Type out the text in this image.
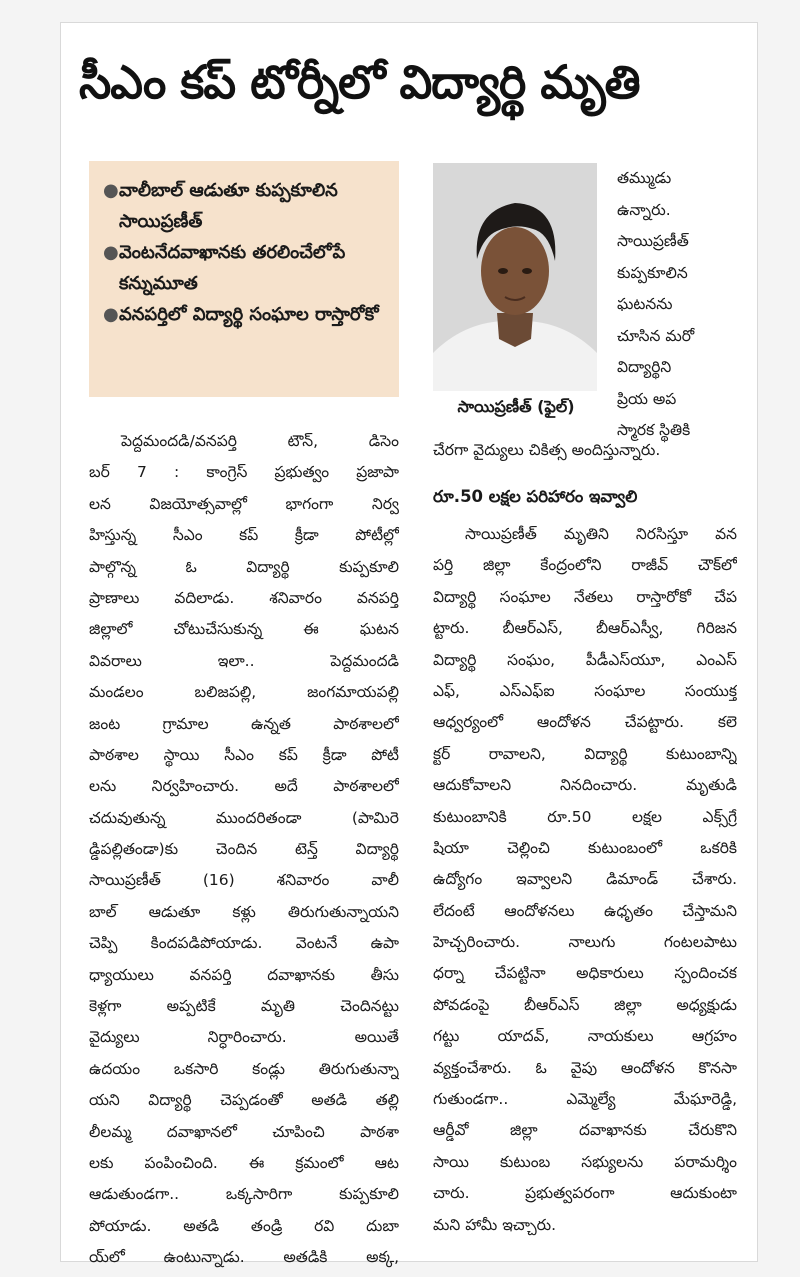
సీఎం కప్ టోర్నీలో విద్యార్థి మృతి
● వాలీబాల్ ఆడుతూ కుప్పకూలిన సాయిప్రణీత్
● వెంటనేదవాఖానకు తరలించేలోపే కన్నుమూత
● వనపర్తిలో విద్యార్థి సంఘాల రాస్తారోకో
సాయిప్రణీత్ (ఫైల్)
తమ్ముడు
ఉన్నారు.
సాయిప్రణీత్
కుప్పకూలిన
ఘటనను
చూసిన మరో
విద్యార్థిని
ప్రియ అప
స్మారక స్థితికి
చేరగా వైద్యులు చికిత్స అందిస్తున్నారు.
రూ.50 లక్షల పరిహారం ఇవ్వాలి
పెద్దమందడి/వనపర్తి టౌన్, డిసెం
బర్ 7 : కాంగ్రెస్ ప్రభుత్వం ప్రజాపా
లన విజయోత్సవాల్లో భాగంగా నిర్వ
హిస్తున్న సీఎం కప్ క్రీడా పోటీల్లో
పాల్గొన్న ఓ విద్యార్థి కుప్పకూలి
ప్రాణాలు వదిలాడు. శనివారం వనపర్తి
జిల్లాలో చోటుచేసుకున్న ఈ ఘటన
వివరాలు ఇలా.. పెద్దమందడి
మండలం బలిజపల్లి, జంగమాయపల్లి
జంట గ్రామాల ఉన్నత పాఠశాలలో
పాఠశాల స్థాయి సీఎం కప్ క్రీడా పోటీ
లను నిర్వహించారు. అదే పాఠశాలలో
చదువుతున్న ముందరితండా (పామిరె
డ్డిపల్లితండా)కు చెందిన టెన్త్ విద్యార్థి
సాయిప్రణీత్ (16) శనివారం వాలీ
బాల్ ఆడుతూ కళ్లు తిరుగుతున్నాయని
చెప్పి కిందపడిపోయాడు. వెంటనే ఉపా
ధ్యాయులు వనపర్తి దవాఖానకు తీసు
కెళ్లగా అప్పటికే మృతి చెందినట్టు
వైద్యులు నిర్ధారించారు. అయితే
ఉదయం ఒకసారి కండ్లు తిరుగుతున్నా
యని విద్యార్థి చెప్పడంతో అతడి తల్లి
లీలమ్మ దవాఖానలో చూపించి పాఠశా
లకు పంపించింది. ఈ క్రమంలో ఆట
ఆడుతుండగా.. ఒక్కసారిగా కుప్పకూలి
పోయాడు. అతడి తండ్రి రవి దుబా
య్‌లో ఉంటున్నాడు. అతడికి అక్క,
సాయిప్రణీత్ మృతిని నిరసిస్తూ వన
పర్తి జిల్లా కేంద్రంలోని రాజీవ్ చౌక్‌లో
విద్యార్థి సంఘాల నేతలు రాస్తారోకో చేప
ట్టారు. బీఆర్ఎస్, బీఆర్ఎస్వీ, గిరిజన
విద్యార్థి సంఘం, పీడీఎస్‌యూ, ఎంఎస్
ఎఫ్, ఎస్ఎఫ్ఐ సంఘాల సంయుక్త
ఆధ్వర్యంలో ఆందోళన చేపట్టారు. కలె
క్టర్ రావాలని, విద్యార్థి కుటుంబాన్ని
ఆదుకోవాలని నినదించారు. మృతుడి
కుటుంబానికి రూ.50 లక్షల ఎక్స్‌గ్రే
షియా చెల్లించి కుటుంబంలో ఒకరికి
ఉద్యోగం ఇవ్వాలని డిమాండ్ చేశారు.
లేదంటే ఆందోళనలు ఉధృతం చేస్తామని
హెచ్చరించారు. నాలుగు గంటలపాటు
ధర్నా చేపట్టినా అధికారులు స్పందించక
పోవడంపై బీఆర్ఎస్ జిల్లా అధ్యక్షుడు
గట్టు యాదవ్, నాయకులు ఆగ్రహం
వ్యక్తంచేశారు. ఓ వైపు ఆందోళన కొనసా
గుతుండగా.. ఎమ్మెల్యే మేఘారెడ్డి,
ఆర్డీవో జిల్లా దవాఖానకు చేరుకొని
సాయి కుటుంబ సభ్యులను పరామర్శిం
చారు. ప్రభుత్వపరంగా ఆదుకుంటా
మని హామీ ఇచ్చారు.
